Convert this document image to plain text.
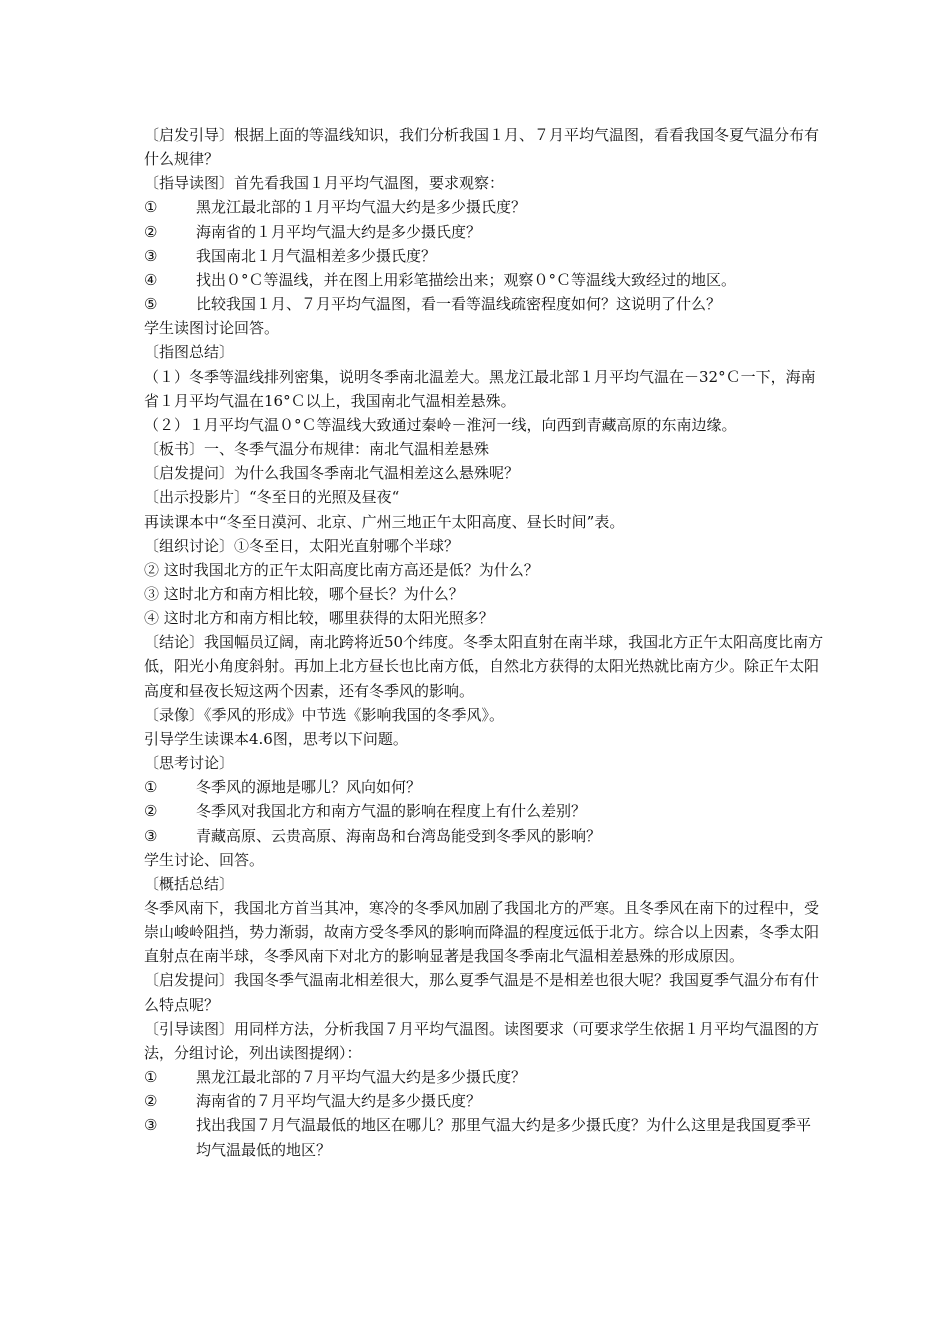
〔启发引导〕根据上面的等温线知识，我们分析我国１月、７月平均气温图，看看我国冬夏气温分布有什么规律？
〔指导读图〕首先看我国１月平均气温图，要求观察：
①	黑龙江最北部的１月平均气温大约是多少摄氏度？
②	海南省的１月平均气温大约是多少摄氏度？
③	我国南北１月气温相差多少摄氏度？
④	找出０°Ｃ等温线，并在图上用彩笔描绘出来；观察０°Ｃ等温线大致经过的地区。
⑤	比较我国１月、７月平均气温图，看一看等温线疏密程度如何？这说明了什么？
学生读图讨论回答。
〔指图总结〕
（１）冬季等温线排列密集，说明冬季南北温差大。黑龙江最北部１月平均气温在－32°Ｃ一下，海南省１月平均气温在16°Ｃ以上，我国南北气温相差悬殊。
（２）１月平均气温０°Ｃ等温线大致通过秦岭－淮河一线，向西到青藏高原的东南边缘。
〔板书〕一、冬季气温分布规律：南北气温相差悬殊
〔启发提问〕为什么我国冬季南北气温相差这么悬殊呢？
〔出示投影片〕“冬至日的光照及昼夜“
再读课本中“冬至日漠河、北京、广州三地正午太阳高度、昼长时间”表。
〔组织讨论〕①冬至日，太阳光直射哪个半球？
② 这时我国北方的正午太阳高度比南方高还是低？为什么？
③ 这时北方和南方相比较，哪个昼长？为什么？
④ 这时北方和南方相比较，哪里获得的太阳光照多？
〔结论〕我国幅员辽阔，南北跨将近50个纬度。冬季太阳直射在南半球，我国北方正午太阳高度比南方低，阳光小角度斜射。再加上北方昼长也比南方低，自然北方获得的太阳光热就比南方少。除正午太阳高度和昼夜长短这两个因素，还有冬季风的影响。
〔录像〕《季风的形成》中节选《影响我国的冬季风》。
引导学生读课本4.6图，思考以下问题。
〔思考讨论〕
①	冬季风的源地是哪儿？风向如何？
②	冬季风对我国北方和南方气温的影响在程度上有什么差别？
③	青藏高原、云贵高原、海南岛和台湾岛能受到冬季风的影响？
学生讨论、回答。
〔概括总结〕
冬季风南下，我国北方首当其冲，寒冷的冬季风加剧了我国北方的严寒。且冬季风在南下的过程中，受崇山峻岭阻挡，势力渐弱，故南方受冬季风的影响而降温的程度远低于北方。综合以上因素，冬季太阳直射点在南半球，冬季风南下对北方的影响显著是我国冬季南北气温相差悬殊的形成原因。
〔启发提问〕我国冬季气温南北相差很大，那么夏季气温是不是相差也很大呢？我国夏季气温分布有什么特点呢？
〔引导读图〕用同样方法，分析我国７月平均气温图。读图要求（可要求学生依据１月平均气温图的方法，分组讨论，列出读图提纲）：
①	黑龙江最北部的７月平均气温大约是多少摄氏度？
②	海南省的７月平均气温大约是多少摄氏度？
③	找出我国７月气温最低的地区在哪儿？那里气温大约是多少摄氏度？为什么这里是我国夏季平均气温最低的地区？
